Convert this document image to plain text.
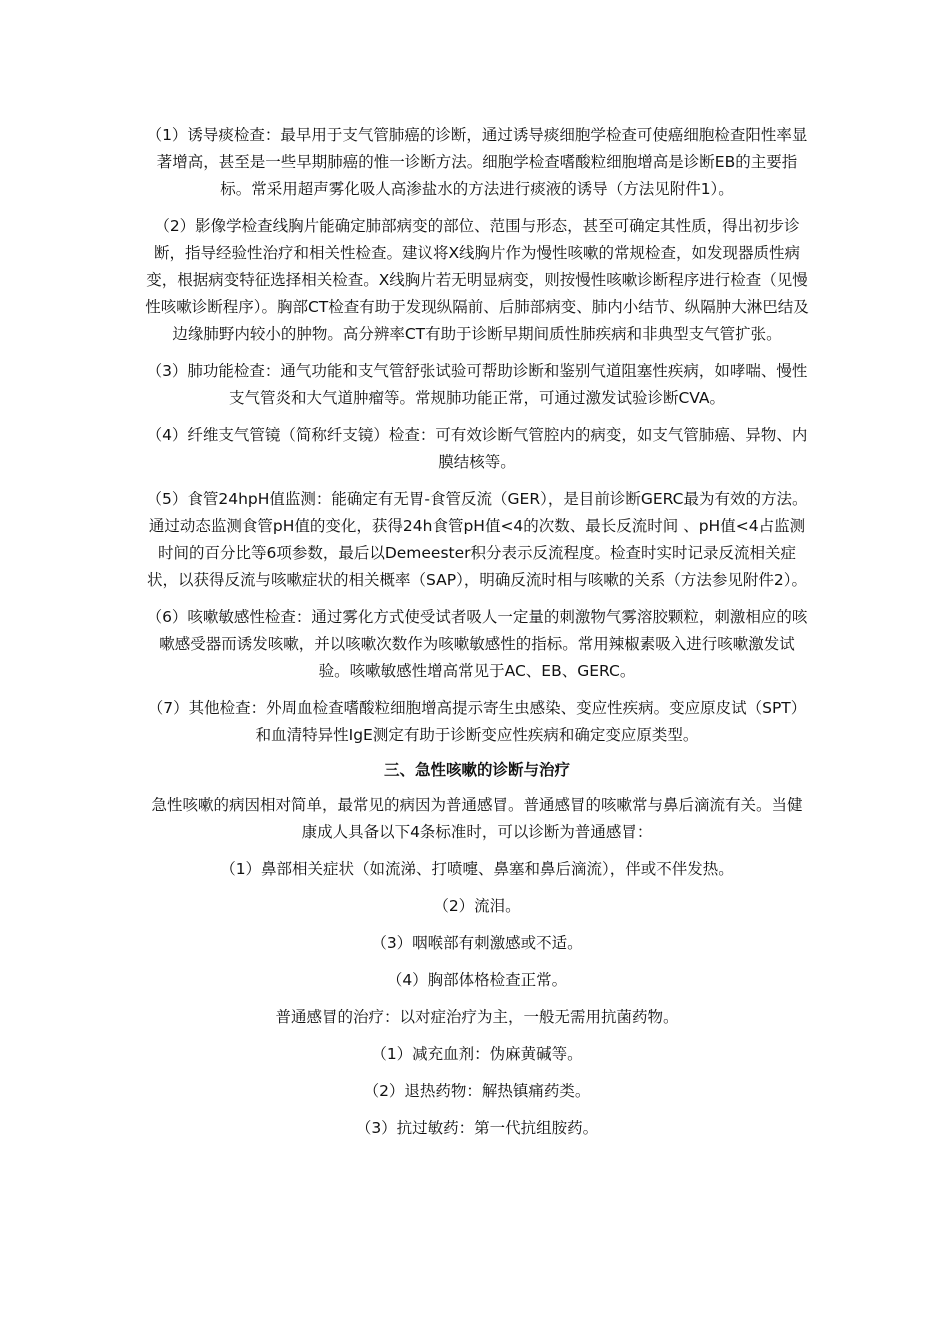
（1）诱导痰检查：最早用于支气管肺癌的诊断，通过诱导痰细胞学检查可使癌细胞检查阳性率显著增高，甚至是一些早期肺癌的惟一诊断方法。细胞学检查嗜酸粒细胞增高是诊断EB的主要指标。常采用超声雾化吸人高渗盐水的方法进行痰液的诱导（方法见附件1）。

（2）影像学检查线胸片能确定肺部病变的部位、范围与形态，甚至可确定其性质，得出初步诊断，指导经验性治疗和相关性检查。建议将X线胸片作为慢性咳嗽的常规检查，如发现器质性病变，根据病变特征选择相关检查。X线胸片若无明显病变，则按慢性咳嗽诊断程序进行检查（见慢性咳嗽诊断程序）。胸部CT检查有助于发现纵隔前、后肺部病变、肺内小结节、纵隔肿大淋巴结及边缘肺野内较小的肿物。高分辨率CT有助于诊断早期间质性肺疾病和非典型支气管扩张。

（3）肺功能检查：通气功能和支气管舒张试验可帮助诊断和鉴别气道阻塞性疾病，如哮喘、慢性支气管炎和大气道肿瘤等。常规肺功能正常，可通过激发试验诊断CVA。

（4）纤维支气管镜（简称纤支镜）检查：可有效诊断气管腔内的病变，如支气管肺癌、异物、内膜结核等。

（5）食管24hpH值监测：能确定有无胃-食管反流（GER），是目前诊断GERC最为有效的方法。通过动态监测食管pH值的变化，获得24h食管pH值<4的次数、最长反流时间 、pH值<4占监测时间的百分比等6项参数，最后以Demeester积分表示反流程度。检查时实时记录反流相关症状，以获得反流与咳嗽症状的相关概率（SAP），明确反流时相与咳嗽的关系（方法参见附件2）。

（6）咳嗽敏感性检查：通过雾化方式使受试者吸人一定量的刺激物气雾溶胶颗粒，刺激相应的咳嗽感受器而诱发咳嗽，并以咳嗽次数作为咳嗽敏感性的指标。常用辣椒素吸入进行咳嗽激发试验。咳嗽敏感性增高常见于AC、EB、GERC。

（7）其他检查：外周血检查嗜酸粒细胞增高提示寄生虫感染、变应性疾病。变应原皮试（SPT）和血清特异性IgE测定有助于诊断变应性疾病和确定变应原类型。

三、急性咳嗽的诊断与治疗

急性咳嗽的病因相对简单，最常见的病因为普通感冒。普通感冒的咳嗽常与鼻后滴流有关。当健康成人具备以下4条标准时，可以诊断为普通感冒：

（1）鼻部相关症状（如流涕、打喷嚏、鼻塞和鼻后滴流），伴或不伴发热。

（2）流泪。

（3）咽喉部有刺激感或不适。

（4）胸部体格检查正常。

普通感冒的治疗：以对症治疗为主，一般无需用抗菌药物。

（1）减充血剂：伪麻黄碱等。

（2）退热药物：解热镇痛药类。

（3）抗过敏药：第一代抗组胺药。
